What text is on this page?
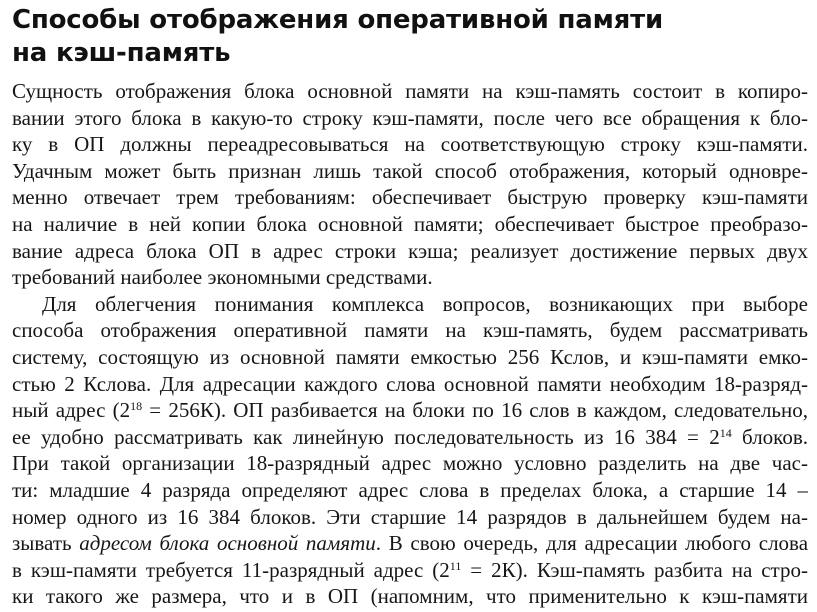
Способы отображения оперативной памяти
на кэш-память
Сущность отображения блока основной памяти на кэш-память состоит в копиро-
вании этого блока в какую-то строку кэш-памяти, после чего все обращения к бло-
ку в ОП должны переадресовываться на соответствующую строку кэш-памяти.
Удачным может быть признан лишь такой способ отображения, который одновре-
менно отвечает трем требованиям: обеспечивает быструю проверку кэш-памяти
на наличие в ней копии блока основной памяти; обеспечивает быстрое преобразо-
вание адреса блока ОП в адрес строки кэша; реализует достижение первых двух
требований наиболее экономными средствами.
Для облегчения понимания комплекса вопросов, возникающих при выборе
способа отображения оперативной памяти на кэш-память, будем рассматривать
систему, состоящую из основной памяти емкостью 256 Кслов, и кэш-памяти емко-
стью 2 Кслова. Для адресации каждого слова основной памяти необходим 18-разряд-
ный адрес $(2^{18} = 256К)$. ОП разбивается на блоки по 16 слов в каждом, следовательно,
ее удобно рассматривать как линейную последовательность из 16 $384 = 2^{14}$ блоков.
При такой организации 18-разрядный адрес можно условно разделить на две час-
ти: младшие 4 разряда определяют адрес слова в пределах блока, а старшие 14 –
номер одного из 16 384 блоков. Эти старшие 14 разрядов в дальнейшем будем на-
зывать адресом блока основной памяти. В свою очередь, для адресации любого слова
в кэш-памяти требуется 11-разрядный адрес $(2^{11} = 2К)$. Кэш-память разбита на стро-
ки такого же размера, что и в ОП (напомним, что применительно к кэш-памяти
